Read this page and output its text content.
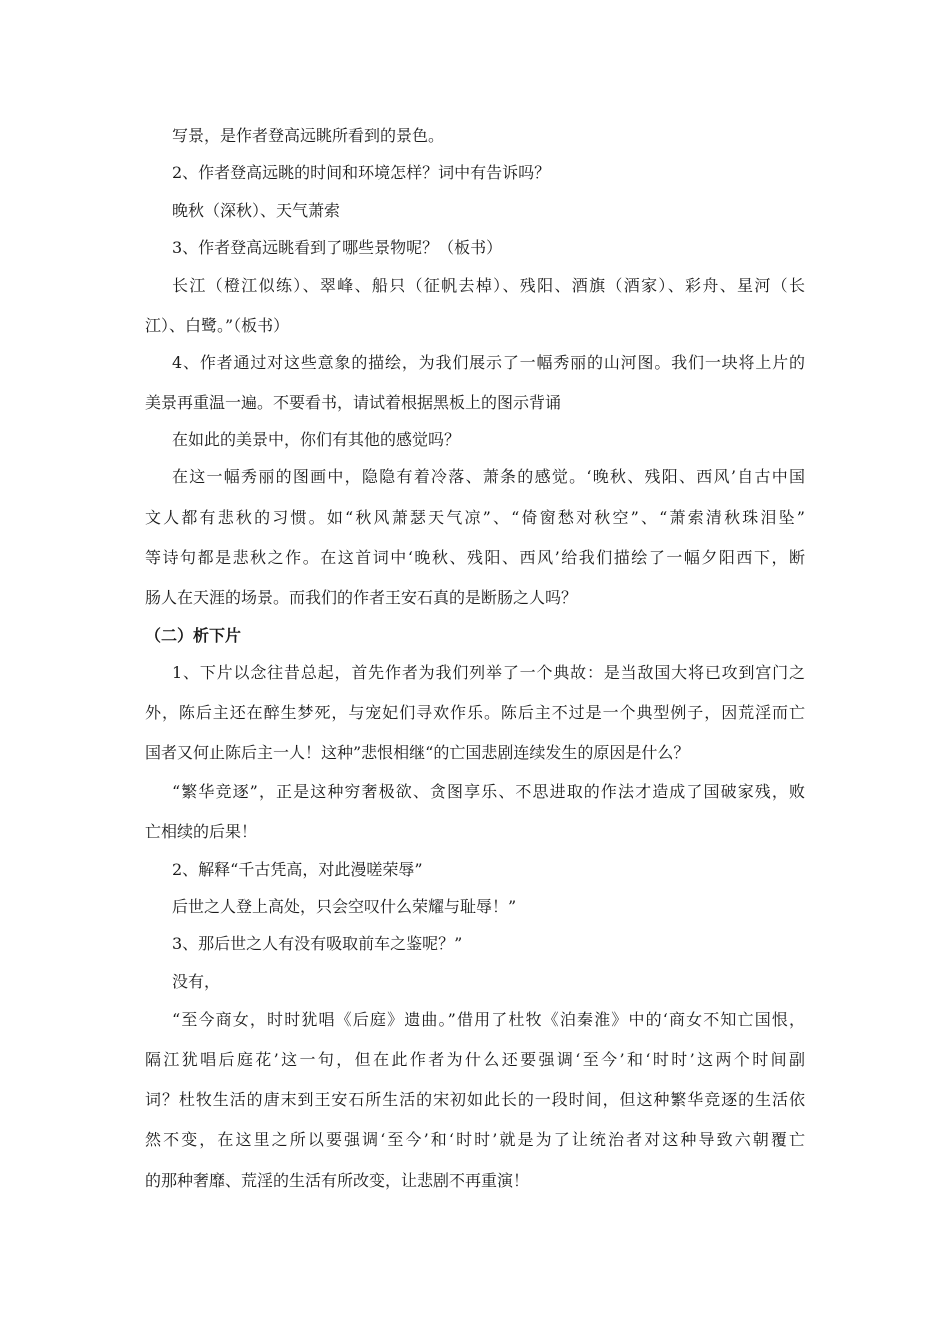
写景，是作者登高远眺所看到的景色。
2、作者登高远眺的时间和环境怎样？词中有告诉吗？
晚秋（深秋）、天气萧索
3、作者登高远眺看到了哪些景物呢？（板书）
长江（橙江似练）、翠峰、船只（征帆去棹）、残阳、酒旗（酒家）、彩舟、星河（长
江）、白鹭。”（板书）
4、作者通过对这些意象的描绘，为我们展示了一幅秀丽的山河图。我们一块将上片的
美景再重温一遍。不要看书，请试着根据黑板上的图示背诵
在如此的美景中，你们有其他的感觉吗？
在这一幅秀丽的图画中，隐隐有着冷落、萧条的感觉。‘晚秋、残阳、西风’自古中国
文人都有悲秋的习惯。如“秋风萧瑟天气凉”、“倚窗愁对秋空”、“萧索清秋珠泪坠”
等诗句都是悲秋之作。在这首词中‘晚秋、残阳、西风’给我们描绘了一幅夕阳西下，断
肠人在天涯的场景。而我们的作者王安石真的是断肠之人吗？
（二）析下片
1、下片以念往昔总起，首先作者为我们列举了一个典故：是当敌国大将已攻到宫门之
外，陈后主还在醉生梦死，与宠妃们寻欢作乐。陈后主不过是一个典型例子，因荒淫而亡
国者又何止陈后主一人！这种”悲恨相继“的亡国悲剧连续发生的原因是什么？
“繁华竞逐”，正是这种穷奢极欲、贪图享乐、不思进取的作法才造成了国破家残，败
亡相续的后果！
2、解释“千古凭高，对此漫嗟荣辱”
后世之人登上高处，只会空叹什么荣耀与耻辱！”
3、那后世之人有没有吸取前车之鉴呢？”
没有，
“至今商女，时时犹唱《后庭》遗曲。”借用了杜牧《泊秦淮》中的‘商女不知亡国恨，
隔江犹唱后庭花’这一句，但在此作者为什么还要强调‘至今’和‘时时’这两个时间副
词？杜牧生活的唐末到王安石所生活的宋初如此长的一段时间，但这种繁华竞逐的生活依
然不变，在这里之所以要强调‘至今’和‘时时’就是为了让统治者对这种导致六朝覆亡
的那种奢靡、荒淫的生活有所改变，让悲剧不再重演！
